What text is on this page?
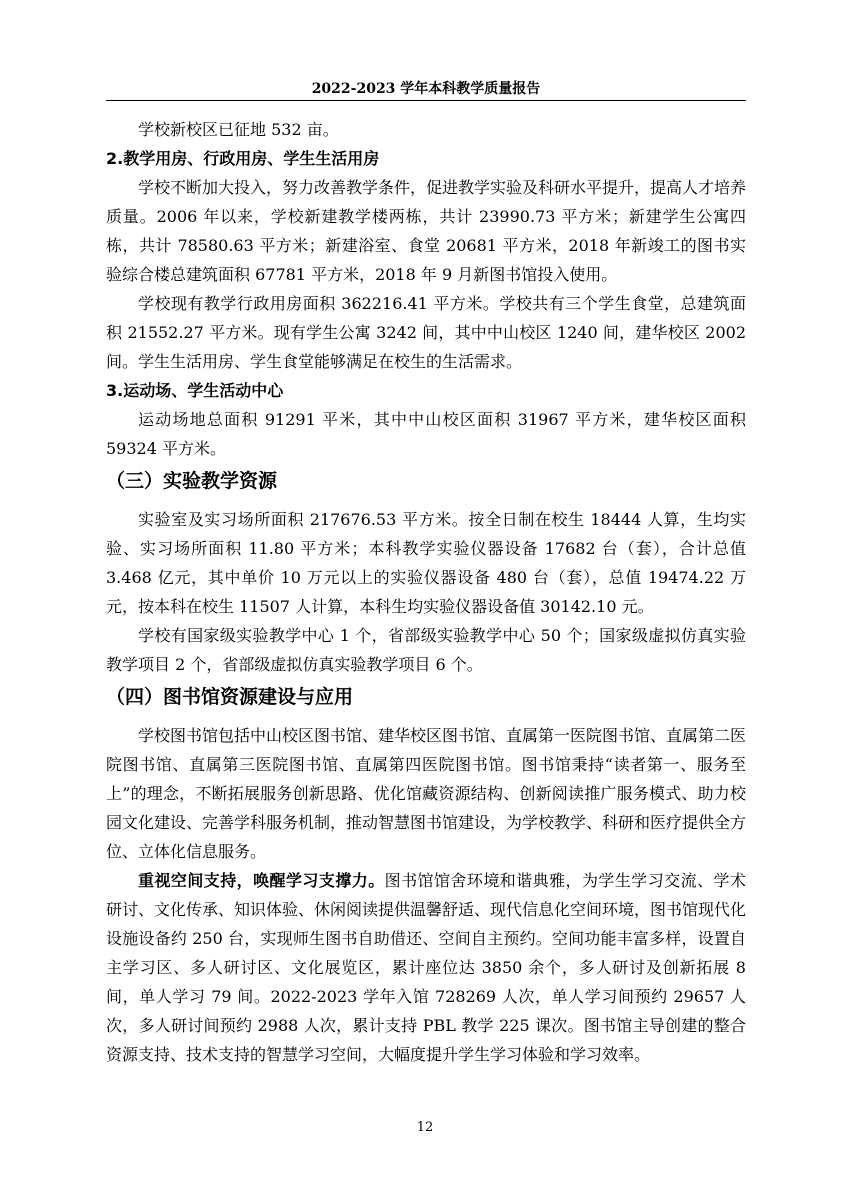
2022-2023 学年本科教学质量报告

学校新校区已征地 532 亩。

2.教学用房、行政用房、学生生活用房

学校不断加大投入，努力改善教学条件，促进教学实验及科研水平提升，提高人才培养质量。2006 年以来，学校新建教学楼两栋，共计 23990.73 平方米；新建学生公寓四栋，共计 78580.63 平方米；新建浴室、食堂 20681 平方米，2018 年新竣工的图书实验综合楼总建筑面积 67781 平方米，2018 年 9 月新图书馆投入使用。

学校现有教学行政用房面积 362216.41 平方米。学校共有三个学生食堂，总建筑面积 21552.27 平方米。现有学生公寓 3242 间，其中中山校区 1240 间，建华校区 2002 间。学生生活用房、学生食堂能够满足在校生的生活需求。

3.运动场、学生活动中心

运动场地总面积 91291 平米，其中中山校区面积 31967 平方米，建华校区面积 59324 平方米。

（三）实验教学资源

实验室及实习场所面积 217676.53 平方米。按全日制在校生 18444 人算，生均实验、实习场所面积 11.80 平方米；本科教学实验仪器设备 17682 台（套），合计总值 3.468 亿元，其中单价 10 万元以上的实验仪器设备 480 台（套），总值 19474.22 万元，按本科在校生 11507 人计算，本科生均实验仪器设备值 30142.10 元。

学校有国家级实验教学中心 1 个，省部级实验教学中心 50 个；国家级虚拟仿真实验教学项目 2 个，省部级虚拟仿真实验教学项目 6 个。

（四）图书馆资源建设与应用

学校图书馆包括中山校区图书馆、建华校区图书馆、直属第一医院图书馆、直属第二医院图书馆、直属第三医院图书馆、直属第四医院图书馆。图书馆秉持“读者第一、服务至上”的理念，不断拓展服务创新思路、优化馆藏资源结构、创新阅读推广服务模式、助力校园文化建设、完善学科服务机制，推动智慧图书馆建设，为学校教学、科研和医疗提供全方位、立体化信息服务。

重视空间支持，唤醒学习支撑力。图书馆馆舍环境和谐典雅，为学生学习交流、学术研讨、文化传承、知识体验、休闲阅读提供温馨舒适、现代信息化空间环境，图书馆现代化设施设备约 250 台，实现师生图书自助借还、空间自主预约。空间功能丰富多样，设置自主学习区、多人研讨区、文化展览区，累计座位达 3850 余个，多人研讨及创新拓展 8 间，单人学习 79 间。2022-2023 学年入馆 728269 人次，单人学习间预约 29657 人次，多人研讨间预约 2988 人次，累计支持 PBL 教学 225 课次。图书馆主导创建的整合资源支持、技术支持的智慧学习空间，大幅度提升学生学习体验和学习效率。

12
